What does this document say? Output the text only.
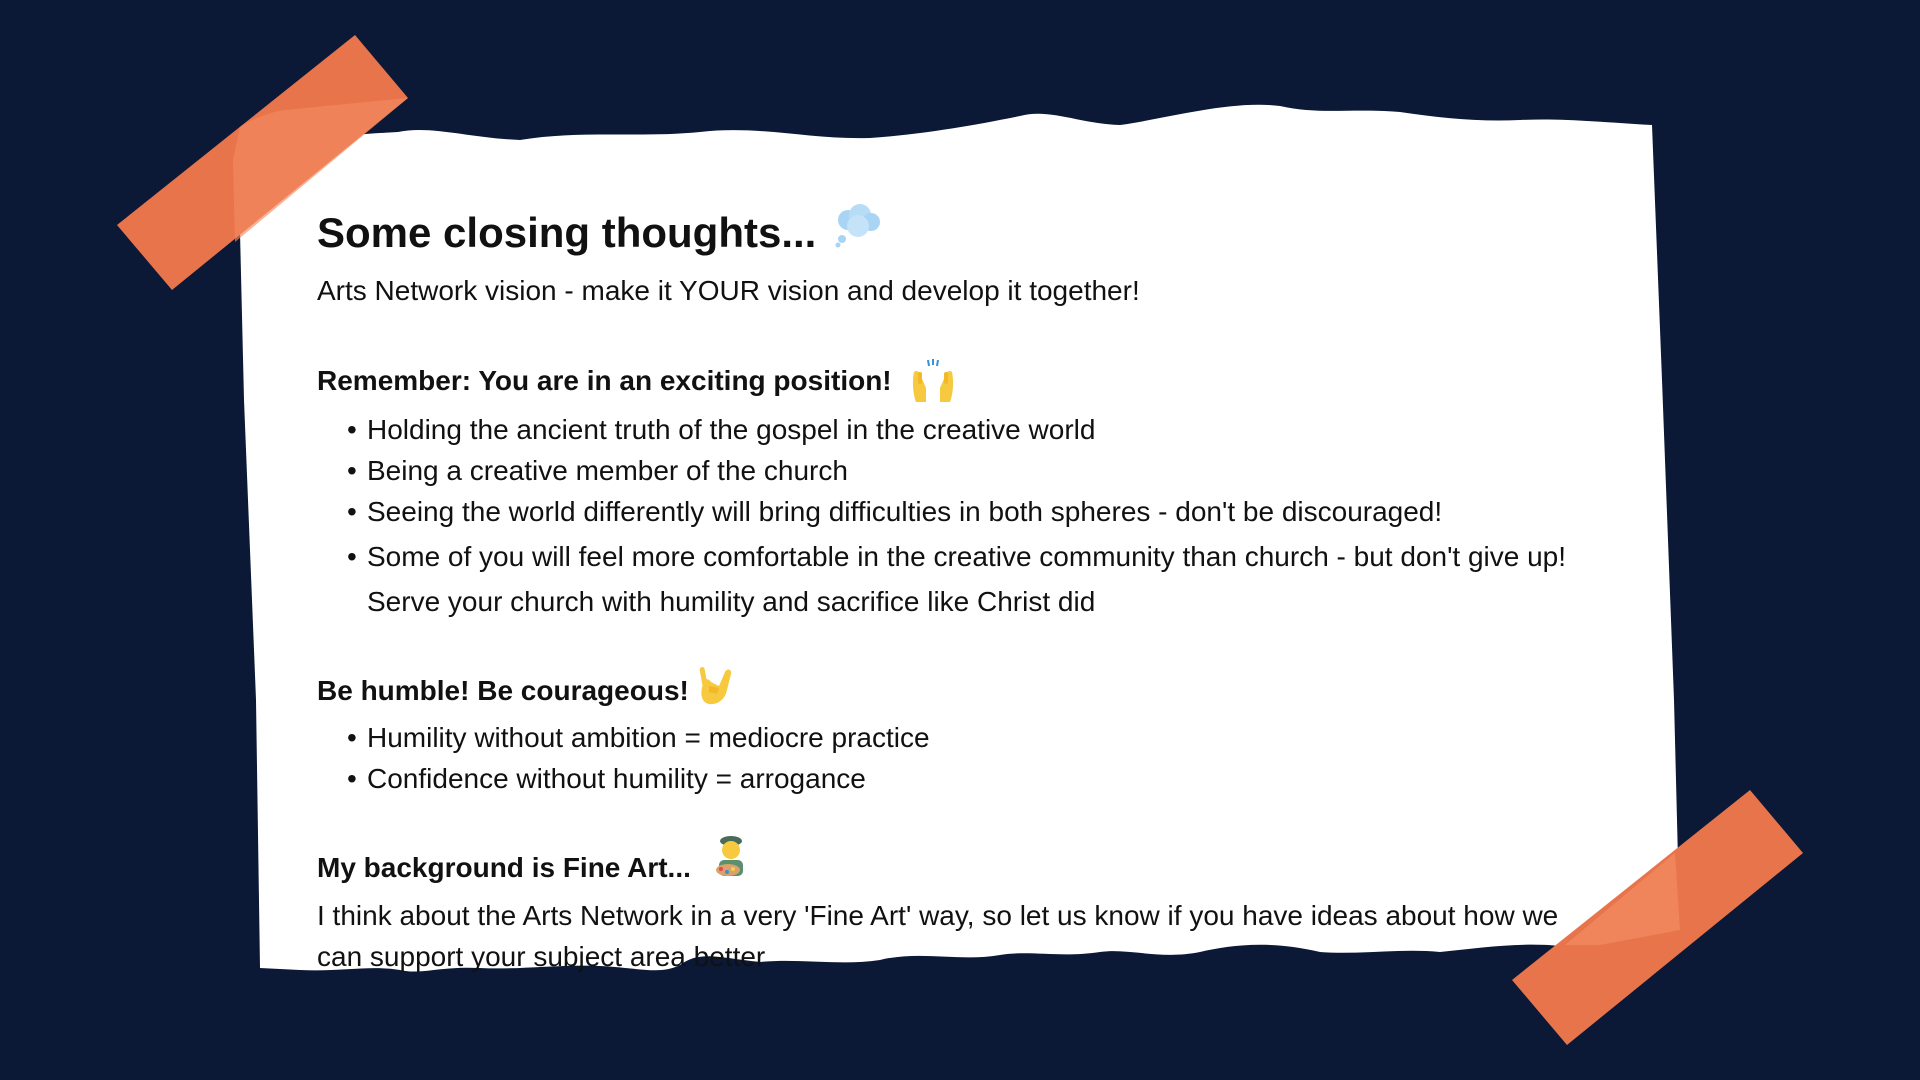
Some closing thoughts...

Arts Network vision - make it YOUR vision and develop it together!

Remember: You are in an exciting position!
• Holding the ancient truth of the gospel in the creative world
• Being a creative member of the church
• Seeing the world differently will bring difficulties in both spheres - don't be discouraged!
• Some of you will feel more comfortable in the creative community than church - but don't give up! Serve your church with humility and sacrifice like Christ did
Be humble! Be courageous!
• Humility without ambition = mediocre practice
• Confidence without humility = arrogance
My background is Fine Art...

I think about the Arts Network in a very 'Fine Art' way, so let us know if you have ideas about how we can support your subject area better
